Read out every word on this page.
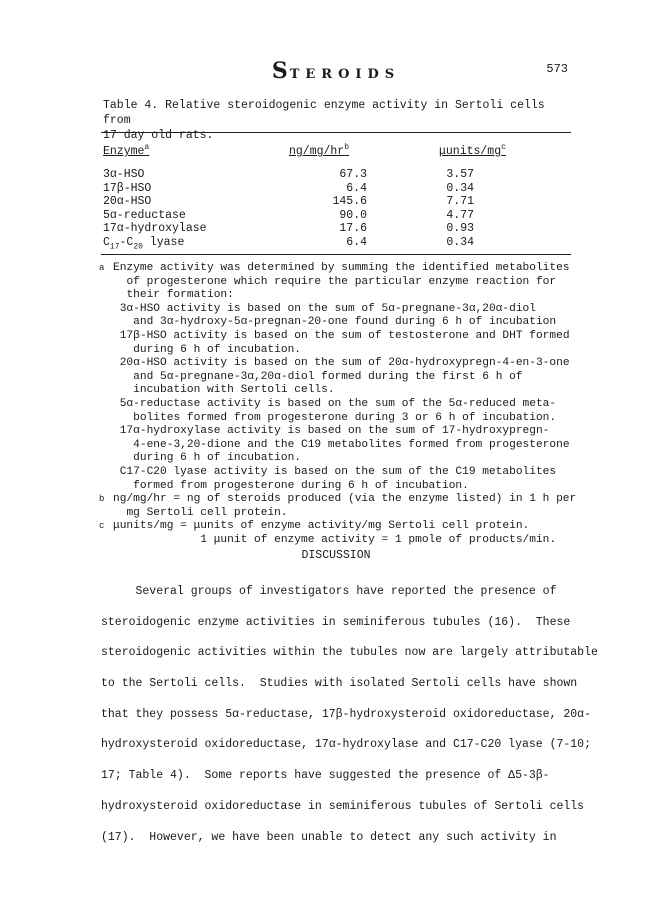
STEROIDS	573
Table 4. Relative steroidogenic enzyme activity in Sertoli cells from
17 day old rats.
Enzyme$^a$	$ng/mg/hr^b$	μunits/$mg^c$
3α-HSO	67.3	3.57
17β-HSO	6.4	0.34
20α-HSO	145.6	7.71
5α-reductase	90.0	4.77
17α-hydroxylase	17.6	0.93
$C_{17}-C_{20}$ lyase	6.4	0.34
a Enzyme activity was determined by summing the identified metabolites
of progesterone which require the particular enzyme reaction for
their formation:
3α-HSO activity is based on the sum of 5α-pregnane-3α,20α-diol
and 3α-hydroxy-5α-pregnan-20-one found during 6 h of incubation
17β-HSO activity is based on the sum of testosterone and DHT formed
during 6 h of incubation.
20α-HSO activity is based on the sum of 20α-hydroxypregn-4-en-3-one
and 5α-pregnane-3α,20α-diol formed during the first 6 h of
incubation with Sertoli cells.
5α-reductase activity is based on the sum of the 5α-reduced meta-
bolites formed from progesterone during 3 or 6 h of incubation.
17α-hydroxylase activity is based on the sum of 17-hydroxypregn-
4-ene-3,20-dione and the C19 metabolites formed from progesterone
during 6 h of incubation.
C17-C20 lyase activity is based on the sum of the C19 metabolites
formed from progesterone during 6 h of incubation.
b ng/mg/hr = ng of steroids produced (via the enzyme listed) in 1 h per
mg Sertoli cell protein.
c μunits/mg = μunits of enzyme activity/mg Sertoli cell protein.
1 μunit of enzyme activity = 1 pmole of products/min.
DISCUSSION
Several groups of investigators have reported the presence of
steroidogenic enzyme activities in seminiferous tubules (16).  These
steroidogenic activities within the tubules now are largely attributable
to the Sertoli cells.  Studies with isolated Sertoli cells have shown
that they possess 5α-reductase, 17β-hydroxysteroid oxidoreductase, 20α-
hydroxysteroid oxidoreductase, 17α-hydroxylase and C17-C20 lyase (7-10;
17; Table 4).  Some reports have suggested the presence of Δ5-3β-
hydroxysteroid oxidoreductase in seminiferous tubules of Sertoli cells
(17).  However, we have been unable to detect any such activity in
